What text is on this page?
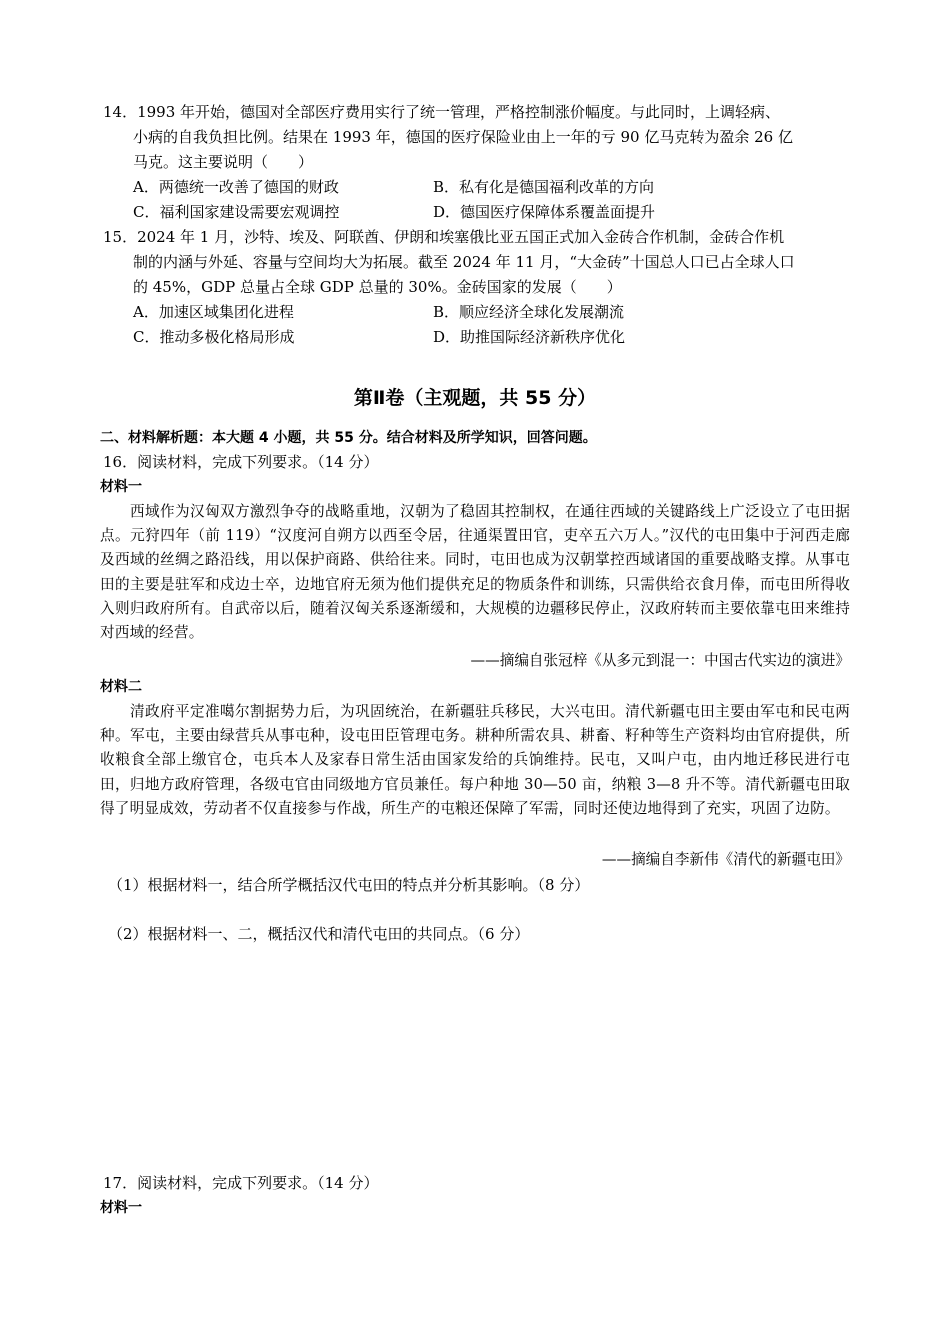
14．1993 年开始，德国对全部医疗费用实行了统一管理，严格控制涨价幅度。与此同时，上调轻病、
小病的自我负担比例。结果在 1993 年，德国的医疗保险业由上一年的亏 90 亿马克转为盈余 26 亿
马克。这主要说明（　　）
A．两德统一改善了德国的财政	B．私有化是德国福利改革的方向
C．福利国家建设需要宏观调控	D．德国医疗保障体系覆盖面提升
15．2024 年 1 月，沙特、埃及、阿联酋、伊朗和埃塞俄比亚五国正式加入金砖合作机制，金砖合作机
制的内涵与外延、容量与空间均大为拓展。截至 2024 年 11 月，“大金砖”十国总人口已占全球人口
的 45%，GDP 总量占全球 GDP 总量的 30%。金砖国家的发展（　　）
A．加速区域集团化进程	B．顺应经济全球化发展潮流
C．推动多极化格局形成	D．助推国际经济新秩序优化
第Ⅱ卷（主观题，共 55 分）
二、材料解析题：本大题 4 小题，共 55 分。结合材料及所学知识，回答问题。
16．阅读材料，完成下列要求。（14 分）
材料一
西域作为汉匈双方激烈争夺的战略重地，汉朝为了稳固其控制权，在通往西域的关键路线上广泛设立了屯田据点。元狩四年（前 119）“汉度河自朔方以西至令居，往通渠置田官，吏卒五六万人。”汉代的屯田集中于河西走廊及西域的丝绸之路沿线，用以保护商路、供给往来。同时，屯田也成为汉朝掌控西域诸国的重要战略支撑。从事屯田的主要是驻军和戍边士卒，边地官府无须为他们提供充足的物质条件和训练，只需供给衣食月俸，而屯田所得收入则归政府所有。自武帝以后，随着汉匈关系逐渐缓和，大规模的边疆移民停止，汉政府转而主要依靠屯田来维持对西域的经营。
——摘编自张冠梓《从多元到混一：中国古代实边的演进》
材料二
清政府平定准噶尔割据势力后，为巩固统治，在新疆驻兵移民，大兴屯田。清代新疆屯田主要由军屯和民屯两种。军屯，主要由绿营兵从事屯种，设屯田臣管理屯务。耕种所需农具、耕畜、籽种等生产资料均由官府提供，所收粮食全部上缴官仓，屯兵本人及家春日常生活由国家发给的兵饷维持。民屯，又叫户屯，由内地迁移民进行屯田，归地方政府管理，各级屯官由同级地方官员兼任。每户种地 30—50 亩，纳粮 3—8 升不等。清代新疆屯田取得了明显成效，劳动者不仅直接参与作战，所生产的屯粮还保障了军需，同时还使边地得到了充实，巩固了边防。
——摘编自李新伟《清代的新疆屯田》
（1）根据材料一，结合所学概括汉代屯田的特点并分析其影响。（8 分）
（2）根据材料一、二，概括汉代和清代屯田的共同点。（6 分）
17．阅读材料，完成下列要求。（14 分）
材料一
